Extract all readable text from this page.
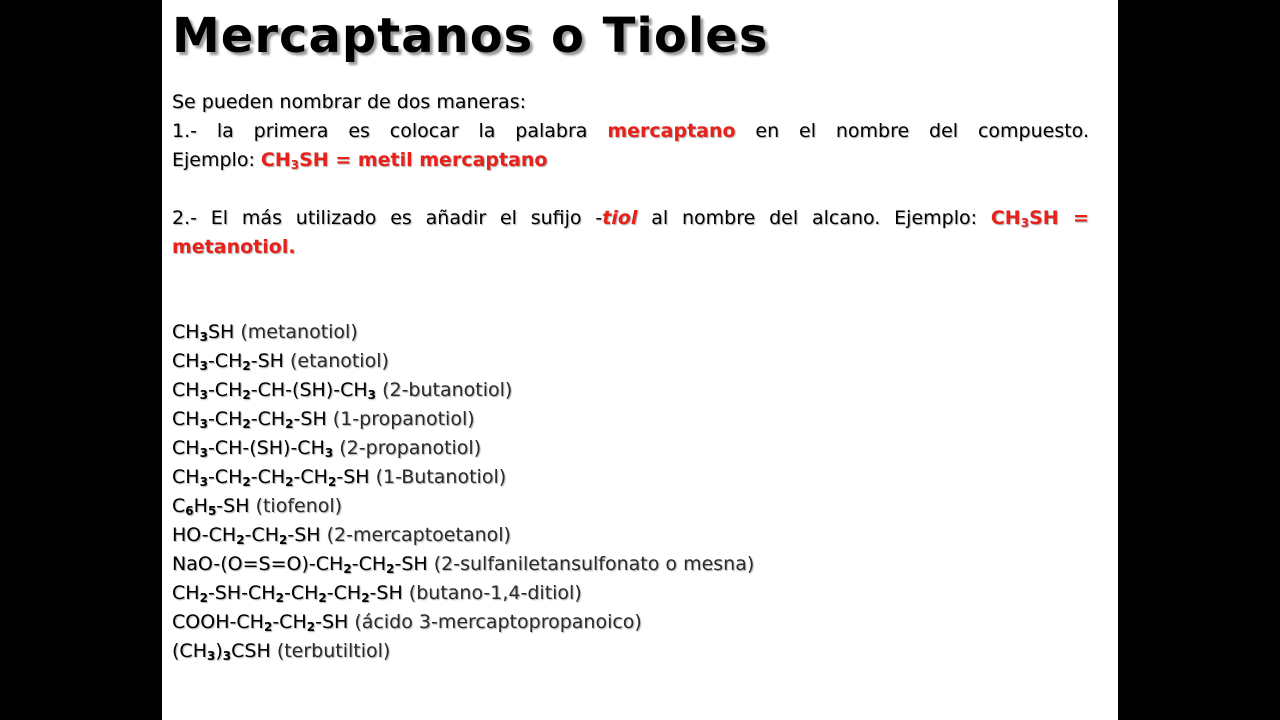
Mercaptanos o Tioles

Se pueden nombrar de dos maneras:

1.- la primera es colocar la palabra mercaptano en el nombre del compuesto.

Ejemplo: $CH_3SH$ = metil mercaptano

2.- El más utilizado es añadir el sufijo -tiol al nombre del alcano. Ejemplo: $CH_3SH$ =

metanotiol.

$CH_3SH$ (metanotiol)
$CH_3-CH_2-SH$ (etanotiol)
$CH_3-CH_2-CH-(SH)-CH_3$ (2-butanotiol)
$CH_3-CH_2-CH_2-SH$ (1-propanotiol)
$CH_3-CH-(SH)-CH_3$ (2-propanotiol)
$CH_3-CH_2-CH_2-CH_2-SH$ (1-Butanotiol)
$C_6H_5-SH$ (tiofenol)
$HO-CH_2-CH_2-SH$ (2-mercaptoetanol)
NaO-$(O=S=O)-CH_2-CH_2-SH$ (2-sulfaniletansulfonato o mesna)
$CH_2-SH-CH_2-CH_2-CH_2-SH$ (butano-1,4-ditiol)
COOH-$CH_2-CH_2-SH$ (ácido 3-mercaptopropanoico)
$(CH_3)_3CSH$ (terbutiltiol)
